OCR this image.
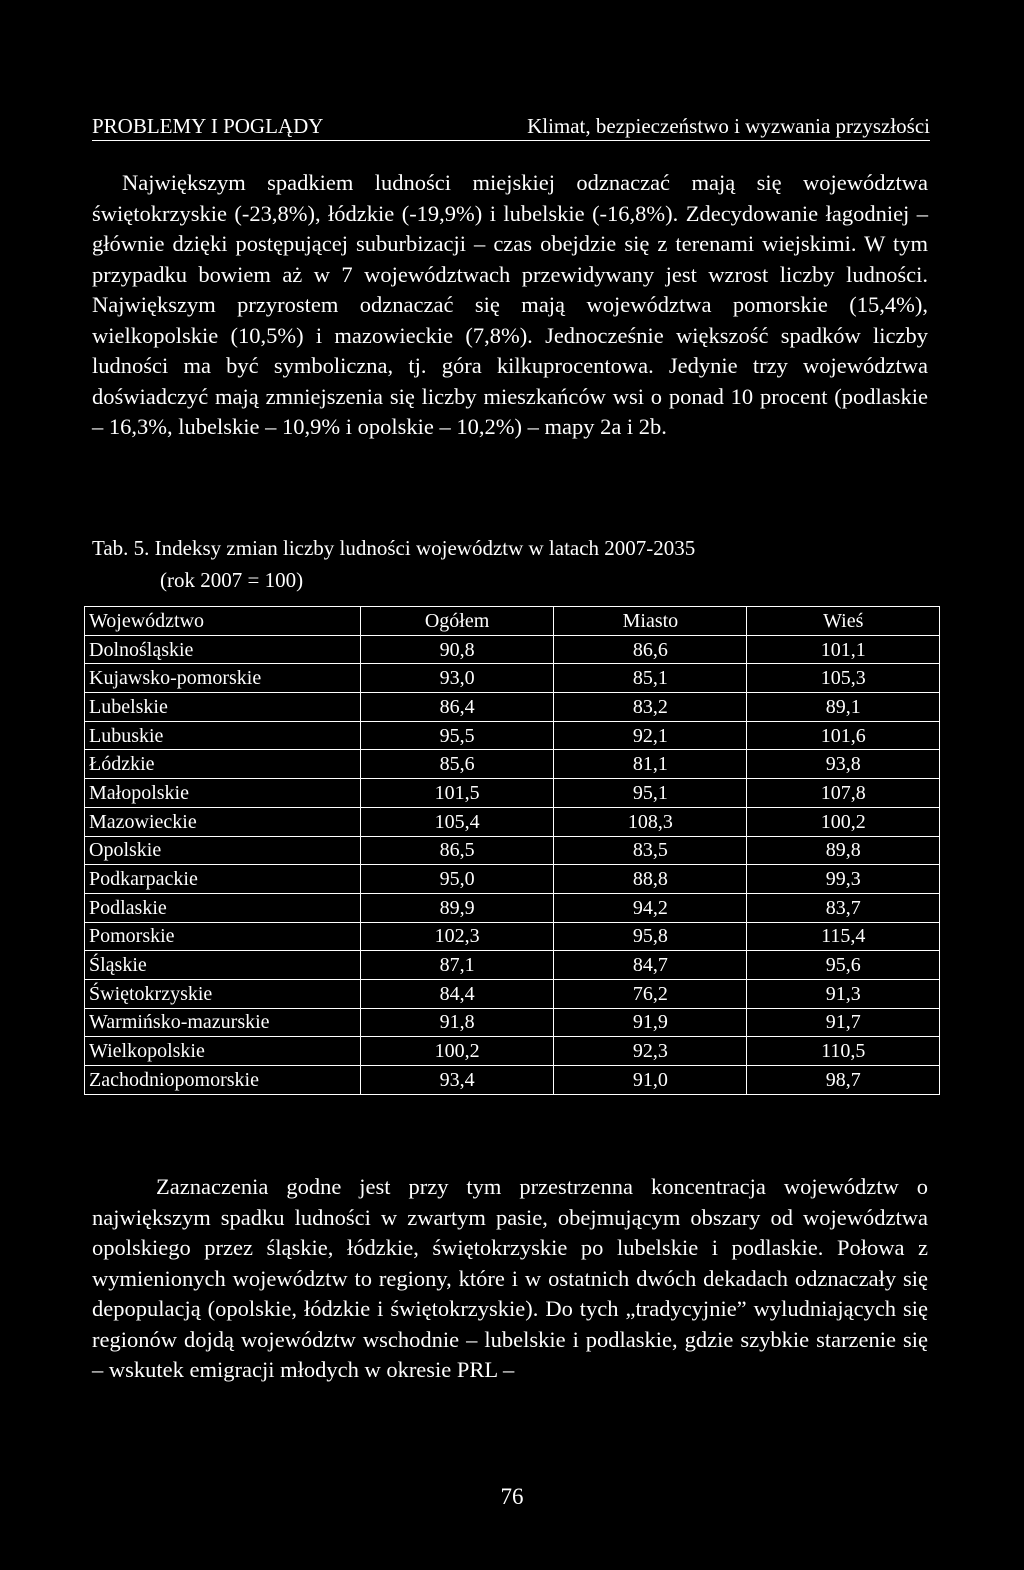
PROBLEMY I POGLĄDY	Klimat, bezpieczeństwo i wyzwania przyszłości

Największym spadkiem ludności miejskiej odznaczać mają się województwa świętokrzyskie (-23,8%), łódzkie (-19,9%) i lubelskie (-16,8%). Zdecydowanie łagodniej – głównie dzięki postępującej suburbizacji – czas obejdzie się z terenami wiejskimi. W tym przypadku bowiem aż w 7 województwach przewidywany jest wzrost liczby ludności. Największym przyrostem odznaczać się mają województwa pomorskie (15,4%), wielkopolskie (10,5%) i mazowieckie (7,8%). Jednocześnie większość spadków liczby ludności ma być symboliczna, tj. góra kilkuprocentowa. Jedynie trzy województwa doświadczyć mają zmniejszenia się liczby mieszkańców wsi o ponad 10 procent (podlaskie – 16,3%, lubelskie – 10,9% i opolskie – 10,2%) – mapy 2a i 2b.

Tab. 5. Indeksy zmian liczby ludności województw w latach 2007-2035
(rok 2007 = 100)
Województwo	Ogółem	Miasto	Wieś
Dolnośląskie	90,8	86,6	101,1
Kujawsko-pomorskie	93,0	85,1	105,3
Lubelskie	86,4	83,2	89,1
Lubuskie	95,5	92,1	101,6
Łódzkie	85,6	81,1	93,8
Małopolskie	101,5	95,1	107,8
Mazowieckie	105,4	108,3	100,2
Opolskie	86,5	83,5	89,8
Podkarpackie	95,0	88,8	99,3
Podlaskie	89,9	94,2	83,7
Pomorskie	102,3	95,8	115,4
Śląskie	87,1	84,7	95,6
Świętokrzyskie	84,4	76,2	91,3
Warmińsko-mazurskie	91,8	91,9	91,7
Wielkopolskie	100,2	92,3	110,5
Zachodniopomorskie	93,4	91,0	98,7

Zaznaczenia godne jest przy tym przestrzenna koncentracja województw o największym spadku ludności w zwartym pasie, obejmującym obszary od województwa opolskiego przez śląskie, łódzkie, świętokrzyskie po lubelskie i podlaskie. Połowa z wymienionych województw to regiony, które i w ostatnich dwóch dekadach odznaczały się depopulacją (opolskie, łódzkie i świętokrzyskie). Do tych „tradycyjnie” wyludniających się regionów dojdą województw wschodnie – lubelskie i podlaskie, gdzie szybkie starzenie się – wskutek emigracji młodych w okresie PRL –

76
